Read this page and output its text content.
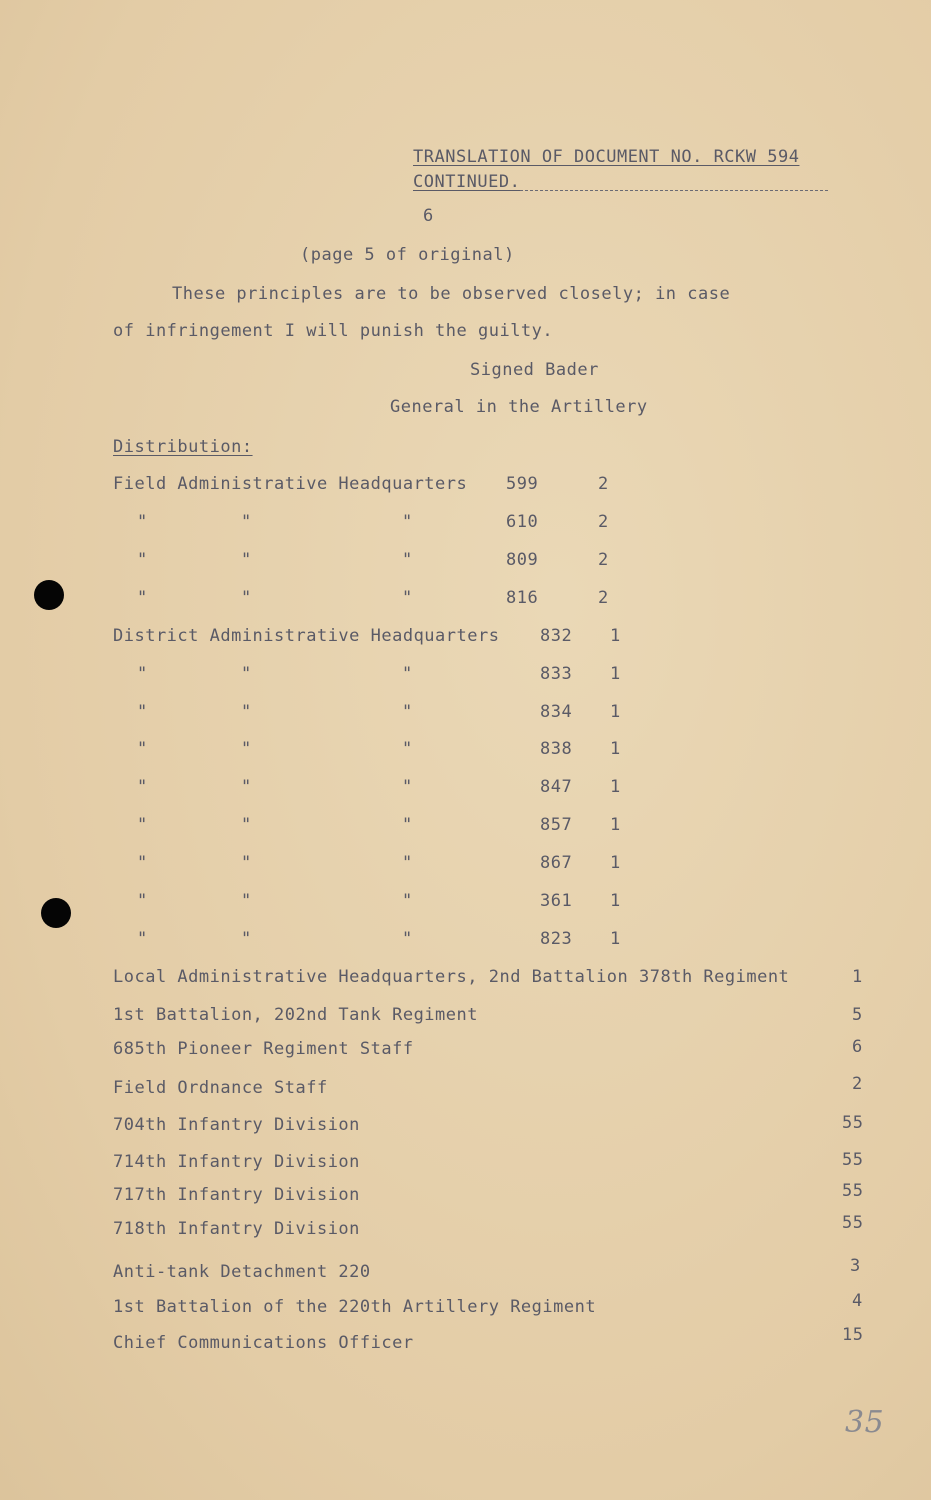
TRANSLATION OF DOCUMENT NO. RCKW 594
CONTINUED.
6
(page 5 of original)
These principles are to be observed closely; in case
of infringement I will punish the guilty.
Signed Bader
General in the Artillery
Distribution:
Field Administrative Headquarters 599	2
"	"	"	610	2
"	"	"	809	2
"	"	"	816	2
District Administrative Headquarters 832 1
"	"	"	833 1
"	"	"	834 1
"	"	"	838 1
"	"	"	847 1
"	"	"	857 1
"	"	"	867 1
"	"	"	361 1
"	"	"	823 1
Local Administrative Headquarters, 2nd Battalion 378th Regiment	1
1st Battalion, 202nd Tank Regiment	5
685th Pioneer Regiment Staff	6
Field Ordnance Staff	2
704th Infantry Division	55
714th Infantry Division	55
717th Infantry Division	55
718th Infantry Division	55
Anti-tank Detachment 220	3
1st Battalion of the 220th Artillery Regiment	4
Chief Communications Officer	15
35
